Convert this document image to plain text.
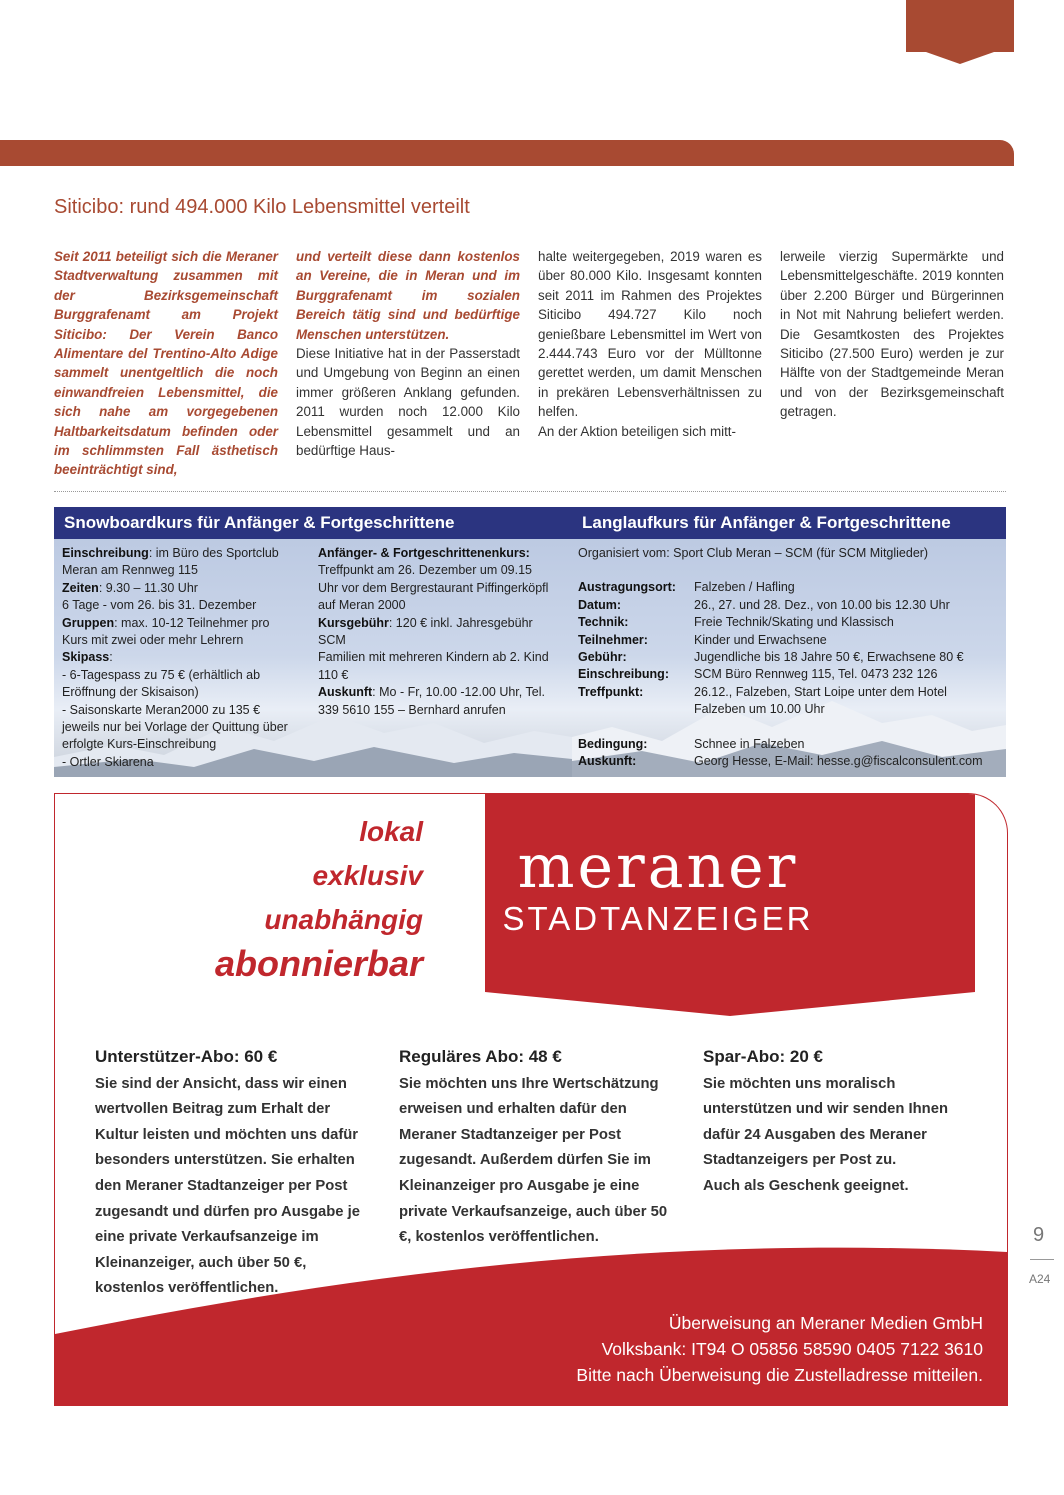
Siticibo: rund 494.000 Kilo Lebensmittel verteilt
Seit 2011 beteiligt sich die Meraner Stadtverwaltung zusammen mit der Bezirksgemeinschaft Burggrafenamt am Projekt Siticibo: Der Verein Banco Alimentare del Trentino-Alto Adige sammelt unentgeltlich die noch einwandfreien Lebensmittel, die sich nahe am vorgegebenen Haltbarkeitsdatum befinden oder im schlimmsten Fall ästhetisch beeinträchtigt sind,
und verteilt diese dann kostenlos an Vereine, die in Meran und im Burggrafenamt im sozialen Bereich tätig sind und bedürftige Menschen unterstützen.
Diese Initiative hat in der Passerstadt und Umgebung von Beginn an einen immer größeren Anklang gefunden. 2011 wurden noch 12.000 Kilo Lebensmittel gesammelt und an bedürftige Haus-
halte weitergegeben, 2019 waren es über 80.000 Kilo. Insgesamt konnten seit 2011 im Rahmen des Projektes Siticibo 494.727 Kilo noch genießbare Lebensmittel im Wert von 2.444.743 Euro vor der Mülltonne gerettet werden, um damit Menschen in prekären Lebensverhältnissen zu helfen.
An der Aktion beteiligen sich mitt-
lerweile vierzig Supermärkte und Lebensmittelgeschäfte. 2019 konnten über 2.200 Bürger und Bürgerinnen in Not mit Nahrung beliefert werden. Die Gesamtkosten des Projektes Siticibo (27.500 Euro) werden je zur Hälfte von der Stadtgemeinde Meran und von der Bezirksgemeinschaft getragen.
Snowboardkurs für Anfänger & Fortgeschrittene
Einschreibung: im Büro des Sportclub Meran am Rennweg 115
Zeiten: 9.30 – 11.30 Uhr
6 Tage - vom 26. bis 31. Dezember
Gruppen: max. 10-12 Teilnehmer pro Kurs mit zwei oder mehr Lehrern
Skipass:
- 6-Tagespass zu 75 € (erhältlich ab Eröffnung der Skisaison)
- Saisonskarte Meran2000 zu 135 € jeweils nur bei Vorlage der Quittung über erfolgte Kurs-Einschreibung
- Ortler Skiarena
Anfänger- & Fortgeschrittenenkurs: Treffpunkt am 26. Dezember um 09.15 Uhr vor dem Bergrestaurant Piffingerköpfl auf Meran 2000
Kursgebühr: 120 € inkl. Jahresgebühr SCM
Familien mit mehreren Kindern ab 2. Kind 110 €
Auskunft: Mo - Fr, 10.00 -12.00 Uhr, Tel. 339 5610 155 – Bernhard anrufen
Langlaufkurs für Anfänger & Fortgeschrittene
Organisiert vom: Sport Club Meran – SCM (für SCM Mitglieder)
Austragungsort:	Falzeben / Hafling
Datum:	26., 27. und 28. Dez., von 10.00 bis 12.30 Uhr
Technik:	Freie Technik/Skating und Klassisch
Teilnehmer:	Kinder und Erwachsene
Gebühr:	Jugendliche bis 18 Jahre 50 €, Erwachsene 80 €
Einschreibung:	SCM Büro Rennweg 115, Tel. 0473 232 126
Treffpunkt:	26.12., Falzeben, Start Loipe unter dem Hotel Falzeben um 10.00 Uhr
Bedingung:	Schnee in Falzeben
Auskunft:	Georg Hesse, E-Mail: hesse.g@fiscalconsulent.com
lokal
exklusiv
unabhängig
abonnierbar
meraner
STADTANZEIGER
Unterstützer-Abo: 60 €
Sie sind der Ansicht, dass wir einen wertvollen Beitrag zum Erhalt der Kultur leisten und möchten uns dafür besonders unterstützen. Sie erhalten den Meraner Stadtanzeiger per Post zugesandt und dürfen pro Ausgabe je eine private Verkaufsanzeige im Kleinanzeiger, auch über 50 €, kostenlos veröffentlichen.
Reguläres Abo: 48 €
Sie möchten uns Ihre Wertschätzung erweisen und erhalten dafür den Meraner Stadtanzeiger per Post zugesandt. Außerdem dürfen Sie im Kleinanzeiger pro Ausgabe je eine private Verkaufsanzeige, auch über 50 €, kostenlos veröffentlichen.
Spar-Abo: 20 €
Sie möchten uns moralisch unterstützen und wir senden Ihnen dafür 24 Ausgaben des Meraner Stadtanzeigers per Post zu.
Auch als Geschenk geeignet.
Überweisung an Meraner Medien GmbH
Volksbank: IT94 O 05856 58590 0405 7122 3610
Bitte nach Überweisung die Zustelladresse mitteilen.
9
A24
